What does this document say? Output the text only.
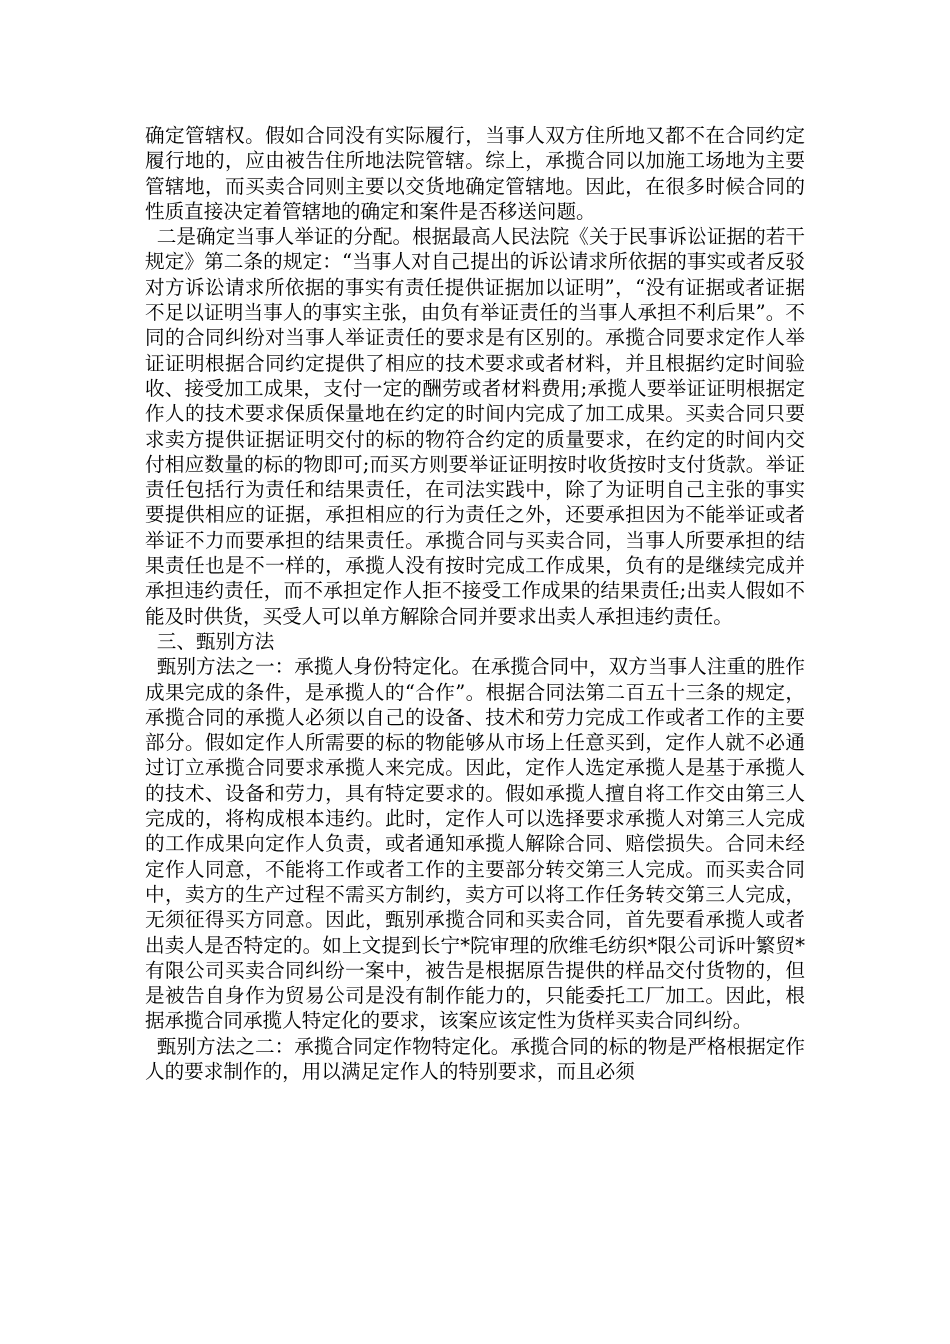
确定管辖权。假如合同没有实际履行，当事人双方住所地又都不在合同约定履行地的，应由被告住所地法院管辖。综上，承揽合同以加施工场地为主要管辖地，而买卖合同则主要以交货地确定管辖地。因此，在很多时候合同的性质直接决定着管辖地的确定和案件是否移送问题。

二是确定当事人举证的分配。根据最高人民法院《关于民事诉讼证据的若干规定》第二条的规定：“当事人对自己提出的诉讼请求所依据的事实或者反驳对方诉讼请求所依据的事实有责任提供证据加以证明”，“没有证据或者证据不足以证明当事人的事实主张，由负有举证责任的当事人承担不利后果”。不同的合同纠纷对当事人举证责任的要求是有区别的。承揽合同要求定作人举证证明根据合同约定提供了相应的技术要求或者材料，并且根据约定时间验收、接受加工成果，支付一定的酬劳或者材料费用;承揽人要举证证明根据定作人的技术要求保质保量地在约定的时间内完成了加工成果。买卖合同只要求卖方提供证据证明交付的标的物符合约定的质量要求，在约定的时间内交付相应数量的标的物即可;而买方则要举证证明按时收货按时支付货款。举证责任包括行为责任和结果责任，在司法实践中，除了为证明自己主张的事实要提供相应的证据，承担相应的行为责任之外，还要承担因为不能举证或者举证不力而要承担的结果责任。承揽合同与买卖合同，当事人所要承担的结果责任也是不一样的，承揽人没有按时完成工作成果，负有的是继续完成并承担违约责任，而不承担定作人拒不接受工作成果的结果责任;出卖人假如不能及时供货，买受人可以单方解除合同并要求出卖人承担违约责任。

三、甄别方法

甄别方法之一：承揽人身份特定化。在承揽合同中，双方当事人注重的胜作成果完成的条件，是承揽人的“合作”。根据合同法第二百五十三条的规定，承揽合同的承揽人必须以自己的设备、技术和劳力完成工作或者工作的主要部分。假如定作人所需要的标的物能够从市场上任意买到，定作人就不必通过订立承揽合同要求承揽人来完成。因此，定作人选定承揽人是基于承揽人的技术、设备和劳力，具有特定要求的。假如承揽人擅自将工作交由第三人完成的，将构成根本违约。此时，定作人可以选择要求承揽人对第三人完成的工作成果向定作人负责，或者通知承揽人解除合同、赔偿损失。合同未经定作人同意，不能将工作或者工作的主要部分转交第三人完成。而买卖合同中，卖方的生产过程不需买方制约，卖方可以将工作任务转交第三人完成，无须征得买方同意。因此，甄别承揽合同和买卖合同，首先要看承揽人或者出卖人是否特定的。如上文提到长宁*院审理的欣维毛纺织*限公司诉叶繁贸*有限公司买卖合同纠纷一案中，被告是根据原告提供的样品交付货物的，但是被告自身作为贸易公司是没有制作能力的，只能委托工厂加工。因此，根据承揽合同承揽人特定化的要求，该案应该定性为货样买卖合同纠纷。

甄别方法之二：承揽合同定作物特定化。承揽合同的标的物是严格根据定作人的要求制作的，用以满足定作人的特别要求，而且必须
